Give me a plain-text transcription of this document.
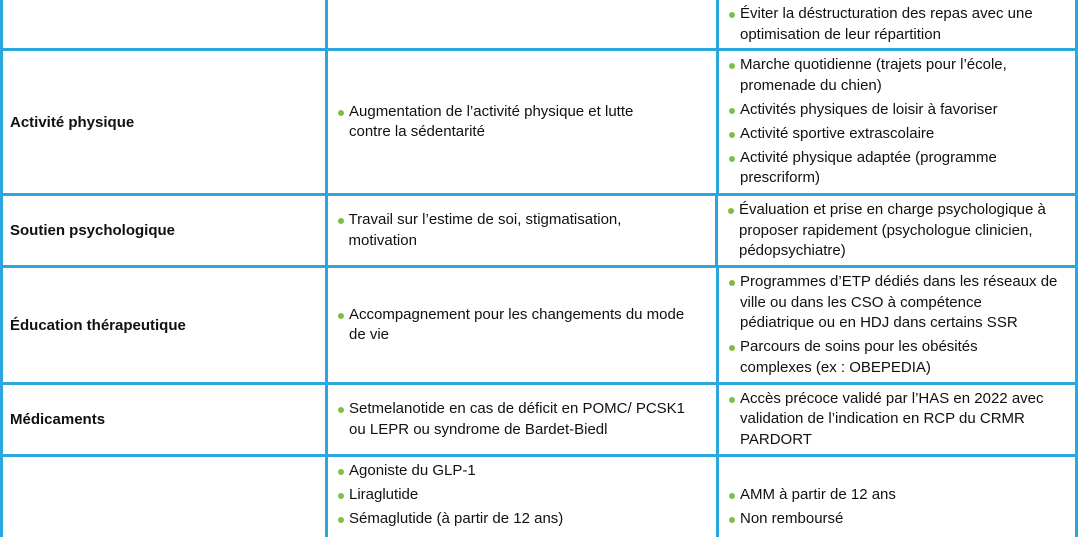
Éviter la déstructuration des repas avec une optimisation de leur répartition
Activité physique
Augmentation de l’activité physique et lutte contre la sédentarité
Marche quotidienne (trajets pour l’école, promenade du chien)
Activités physiques de loisir à favoriser
Activité sportive extrascolaire
Activité physique adaptée (programme prescriform)
Soutien psychologique
Travail sur l’estime de soi, stigmatisation, motivation
Évaluation et prise en charge psychologique à proposer rapidement (psychologue clinicien, pédopsychiatre)
Éducation thérapeutique
Accompagnement pour les changements du mode de vie
Programmes d’ETP dédiés dans les réseaux de ville ou dans les CSO à compétence pédiatrique ou en HDJ dans certains SSR
Parcours de soins pour les obésités complexes (ex : OBEPEDIA)
Médicaments
Setmelanotide en cas de déficit en POMC/ PCSK1 ou LEPR ou syndrome de Bardet-Biedl
Accès précoce validé par l’HAS en 2022 avec validation de l’indication en RCP du CRMR PARDORT
Agoniste du GLP-1
Liraglutide
Sémaglutide (à partir de 12 ans)
AMM à partir de 12 ans
Non remboursé
